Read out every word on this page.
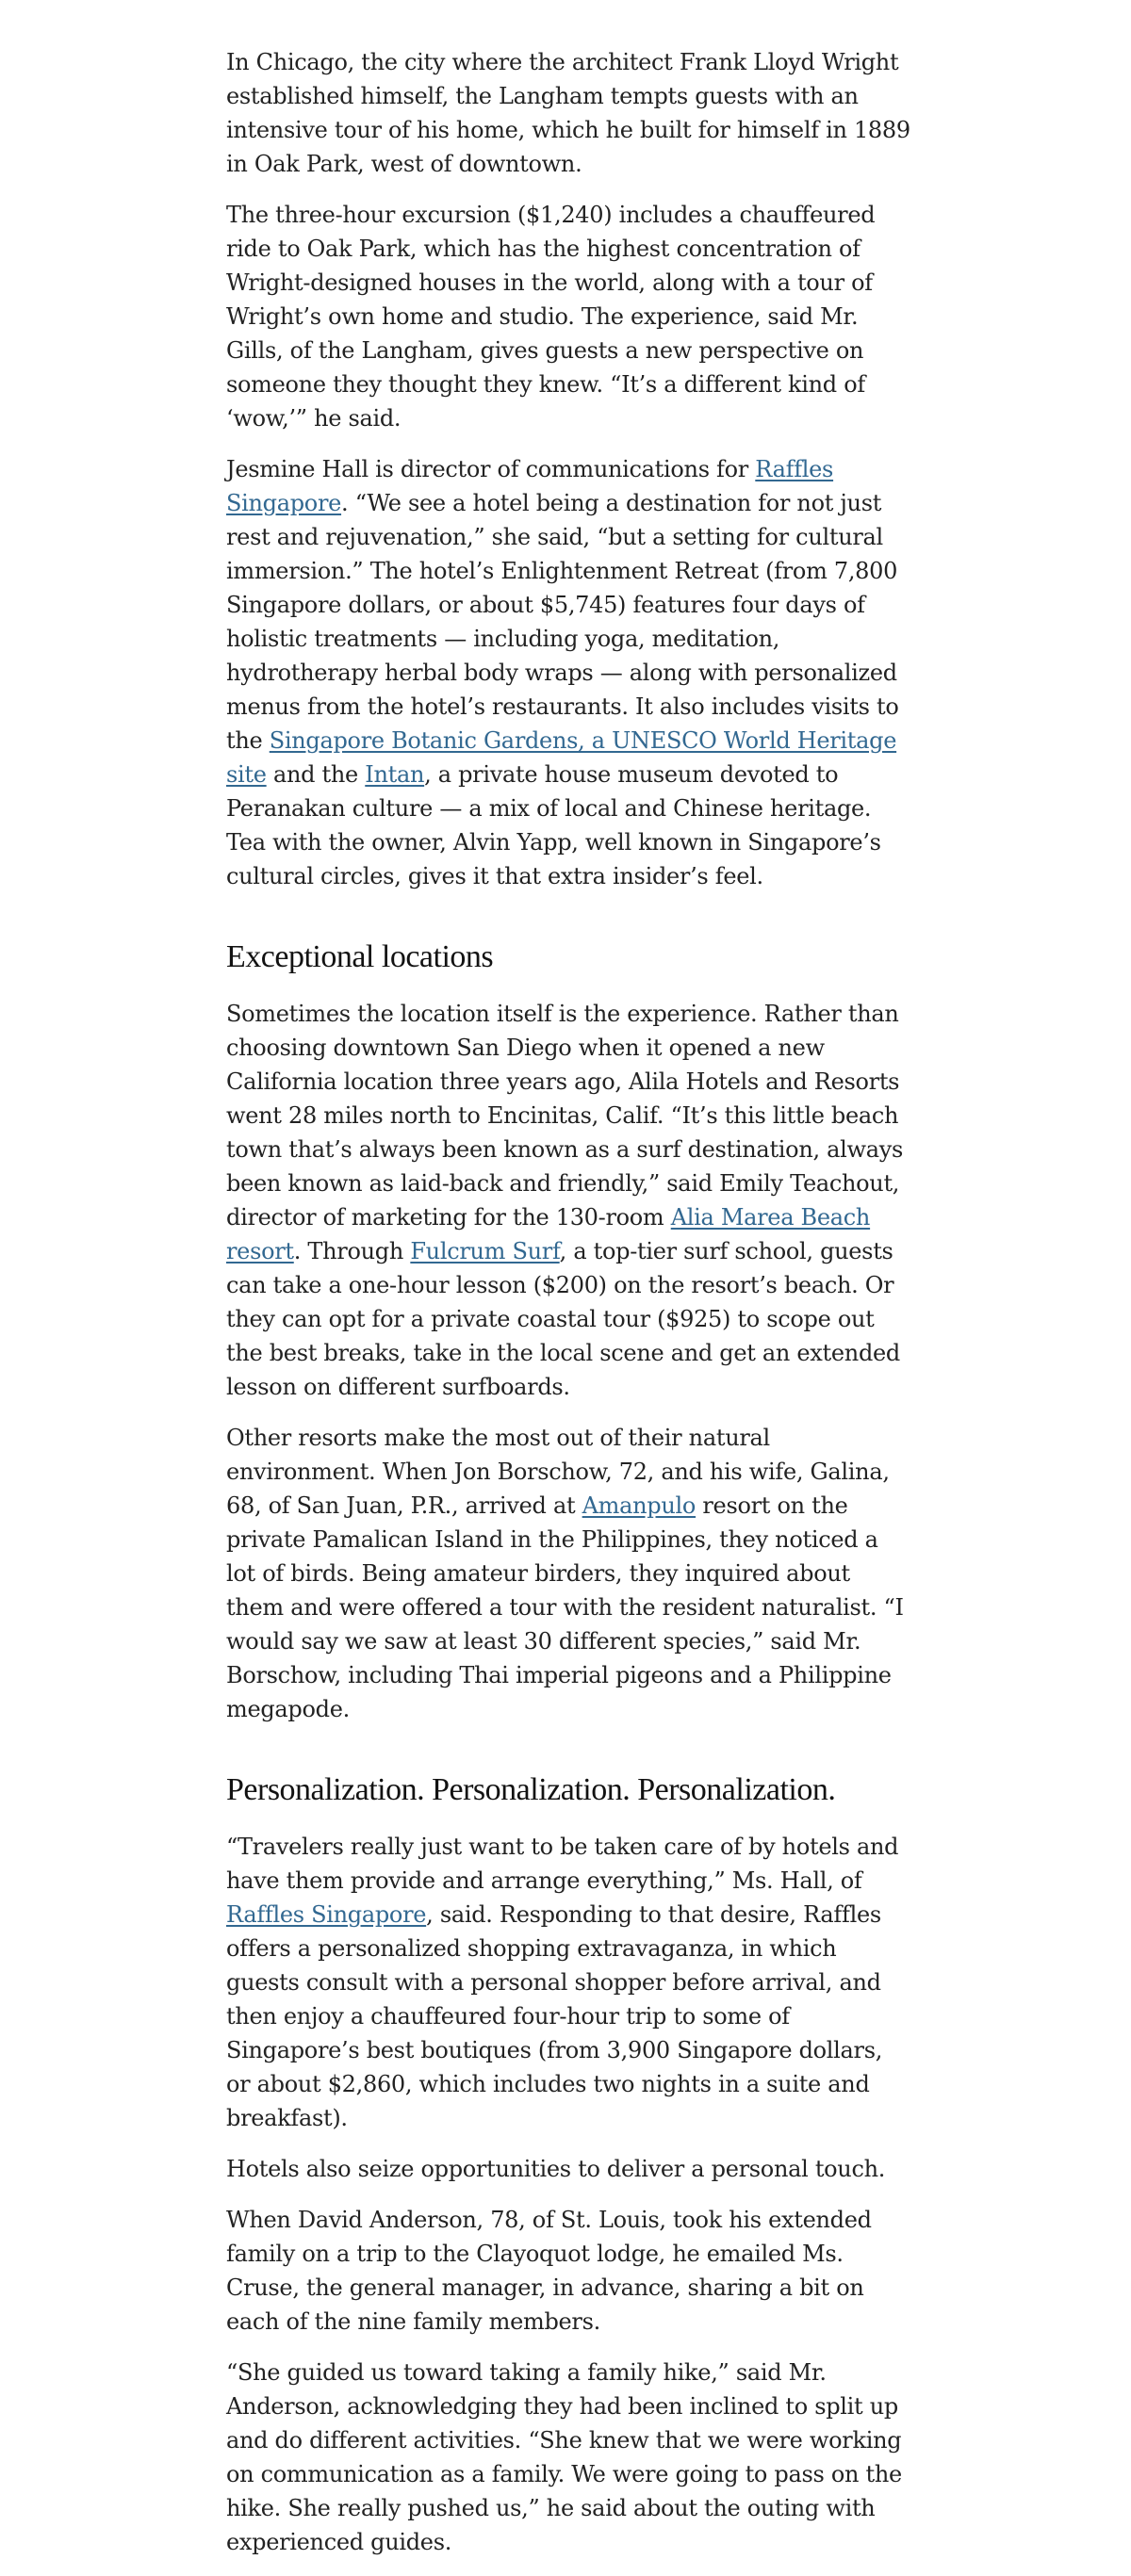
In Chicago, the city where the architect Frank Lloyd Wright established himself, the Langham tempts guests with an intensive tour of his home, which he built for himself in 1889 in Oak Park, west of downtown.

The three-hour excursion ($1,240) includes a chauffeured ride to Oak Park, which has the highest concentration of Wright-designed houses in the world, along with a tour of Wright’s own home and studio. The experience, said Mr. Gills, of the Langham, gives guests a new perspective on someone they thought they knew. “It’s a different kind of ‘wow,’” he said.

Jesmine Hall is director of communications for Raffles Singapore. “We see a hotel being a destination for not just rest and rejuvenation,” she said, “but a setting for cultural immersion.” The hotel’s Enlightenment Retreat (from 7,800 Singapore dollars, or about $5,745) features four days of holistic treatments — including yoga, meditation, hydrotherapy herbal body wraps — along with personalized menus from the hotel’s restaurants. It also includes visits to the Singapore Botanic Gardens, a UNESCO World Heritage site and the Intan, a private house museum devoted to Peranakan culture — a mix of local and Chinese heritage. Tea with the owner, Alvin Yapp, well known in Singapore’s cultural circles, gives it that extra insider’s feel.

Exceptional locations

Sometimes the location itself is the experience. Rather than choosing downtown San Diego when it opened a new California location three years ago, Alila Hotels and Resorts went 28 miles north to Encinitas, Calif. “It’s this little beach town that’s always been known as a surf destination, always been known as laid-back and friendly,” said Emily Teachout, director of marketing for the 130-room Alia Marea Beach resort. Through Fulcrum Surf, a top-tier surf school, guests can take a one-hour lesson ($200) on the resort’s beach. Or they can opt for a private coastal tour ($925) to scope out the best breaks, take in the local scene and get an extended lesson on different surfboards.

Other resorts make the most out of their natural environment. When Jon Borschow, 72, and his wife, Galina, 68, of San Juan, P.R., arrived at Amanpulo resort on the private Pamalican Island in the Philippines, they noticed a lot of birds. Being amateur birders, they inquired about them and were offered a tour with the resident naturalist. “I would say we saw at least 30 different species,” said Mr. Borschow, including Thai imperial pigeons and a Philippine megapode.

Personalization. Personalization. Personalization.

“Travelers really just want to be taken care of by hotels and have them provide and arrange everything,” Ms. Hall, of Raffles Singapore, said. Responding to that desire, Raffles offers a personalized shopping extravaganza, in which guests consult with a personal shopper before arrival, and then enjoy a chauffeured four-hour trip to some of Singapore’s best boutiques (from 3,900 Singapore dollars, or about $2,860, which includes two nights in a suite and breakfast).

Hotels also seize opportunities to deliver a personal touch.

When David Anderson, 78, of St. Louis, took his extended family on a trip to the Clayoquot lodge, he emailed Ms. Cruse, the general manager, in advance, sharing a bit on each of the nine family members.

“She guided us toward taking a family hike,” said Mr. Anderson, acknowledging they had been inclined to split up and do different activities. “She knew that we were working on communication as a family. We were going to pass on the hike. She really pushed us,” he said about the outing with experienced guides.
